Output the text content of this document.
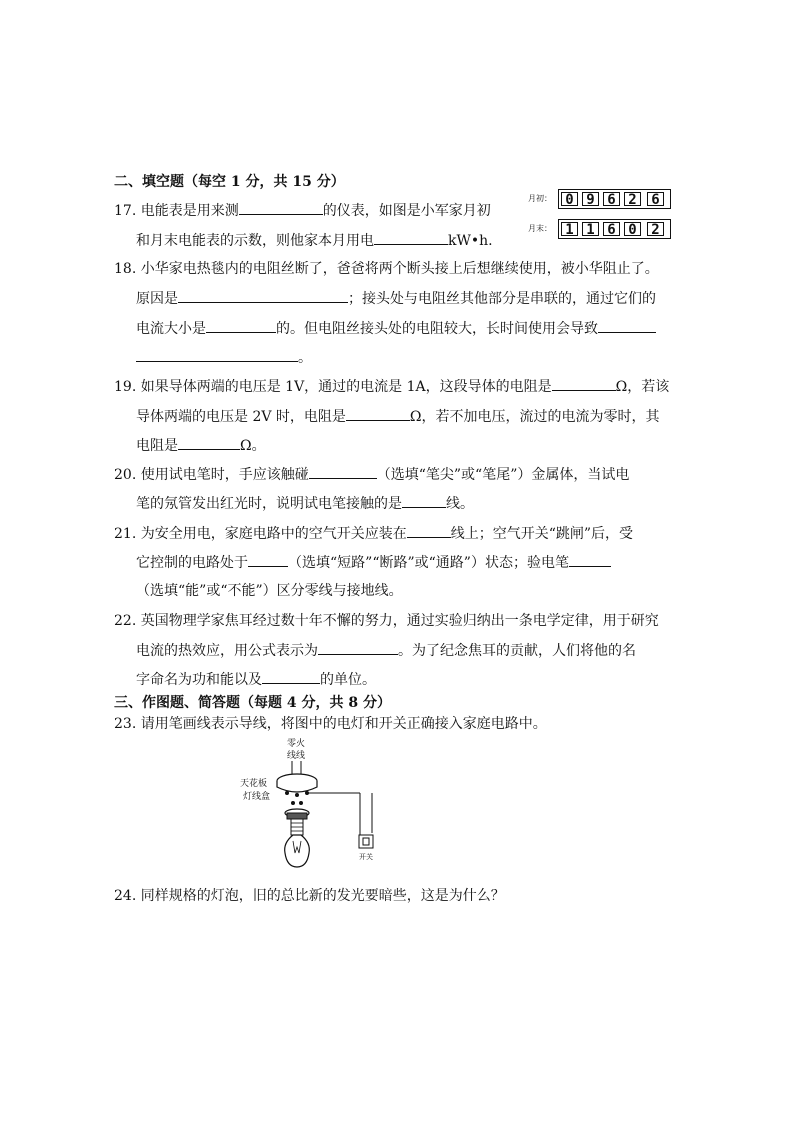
二、填空题（每空 1 分，共 15 分）
17. 电能表是用来测	的仪表，如图是小军家月初
和月末电能表的示数，则他家本月用电	kW•h.
月初： 0 9 6 2	6
月末： 1 1 6 0	2
18. 小华家电热毯内的电阻丝断了，爸爸将两个断头接上后想继续使用，被小华阻止了。
原因是	；接头处与电阻丝其他部分是串联的，通过它们的
电流大小是	的。但电阻丝接头处的电阻较大，长时间使用会导致
。
19. 如果导体两端的电压是 1V，通过的电流是 1A，这段导体的电阻是	Ω，若该
导体两端的电压是 2V 时，电阻是	Ω，若不加电压，流过的电流为零时，其
电阻是	Ω。
20. 使用试电笔时，手应该触碰	（选填“笔尖”或“笔尾”）金属体，当试电
笔的氖管发出红光时，说明试电笔接触的是	线。
21. 为安全用电，家庭电路中的空气开关应装在	线上；空气开关“跳闸”后，受
它控制的电路处于	（选填“短路”“断路”或“通路”）状态；验电笔
（选填“能”或“不能”）区分零线与接地线。
22. 英国物理学家焦耳经过数十年不懈的努力，通过实验归纳出一条电学定律，用于研究
电流的热效应，用公式表示为	。为了纪念焦耳的贡献，人们将他的名
字命名为功和能以及	的单位。
三、作图题、简答题（每题 4 分，共 8 分）
23. 请用笔画线表示导线，将图中的电灯和开关正确接入家庭电路中。
零 火
线线
天花板
灯线盒
开关
24. 同样规格的灯泡，旧的总比新的发光要暗些，这是为什么？
